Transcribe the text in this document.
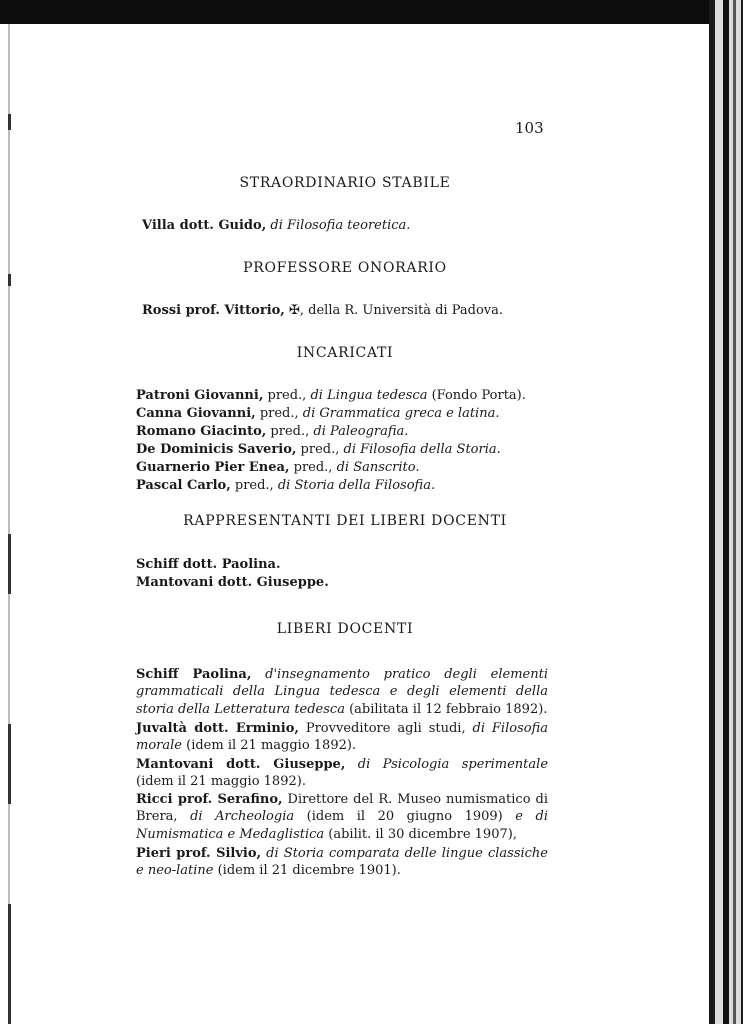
103
STRAORDINARIO STABILE
Villa dott. Guido, di Filosofia teoretica.
PROFESSORE ONORARIO
Rossi prof. Vittorio, ✠, della R. Università di Padova.
INCARICATI
Patroni Giovanni, pred., di Lingua tedesca (Fondo Porta).
Canna Giovanni, pred., di Grammatica greca e latina.
Romano Giacinto, pred., di Paleografia.
De Dominicis Saverio, pred., di Filosofia della Storia.
Guarnerio Pier Enea, pred., di Sanscrito.
Pascal Carlo, pred., di Storia della Filosofia.
RAPPRESENTANTI DEI LIBERI DOCENTI
Schiff dott. Paolina.
Mantovani dott. Giuseppe.
LIBERI DOCENTI

Schiff Paolina, d'insegnamento pratico degli elementi grammaticali della Lingua tedesca e degli elementi della storia della Letteratura tedesca (abilitata il 12 febbraio 1892).

Juvaltà dott. Erminio, Provveditore agli studi, di Filosofia morale (idem il 21 maggio 1892).

Mantovani dott. Giuseppe, di Psicologia sperimentale (idem il 21 maggio 1892).

Ricci prof. Serafino, Direttore del R. Museo numismatico di Brera, di Archeologia (idem il 20 giugno 1909) e di Numismatica e Medaglistica (abilit. il 30 dicembre 1907),

Pieri prof. Silvio, di Storia comparata delle lingue classiche e neo-latine (idem il 21 dicembre 1901).
